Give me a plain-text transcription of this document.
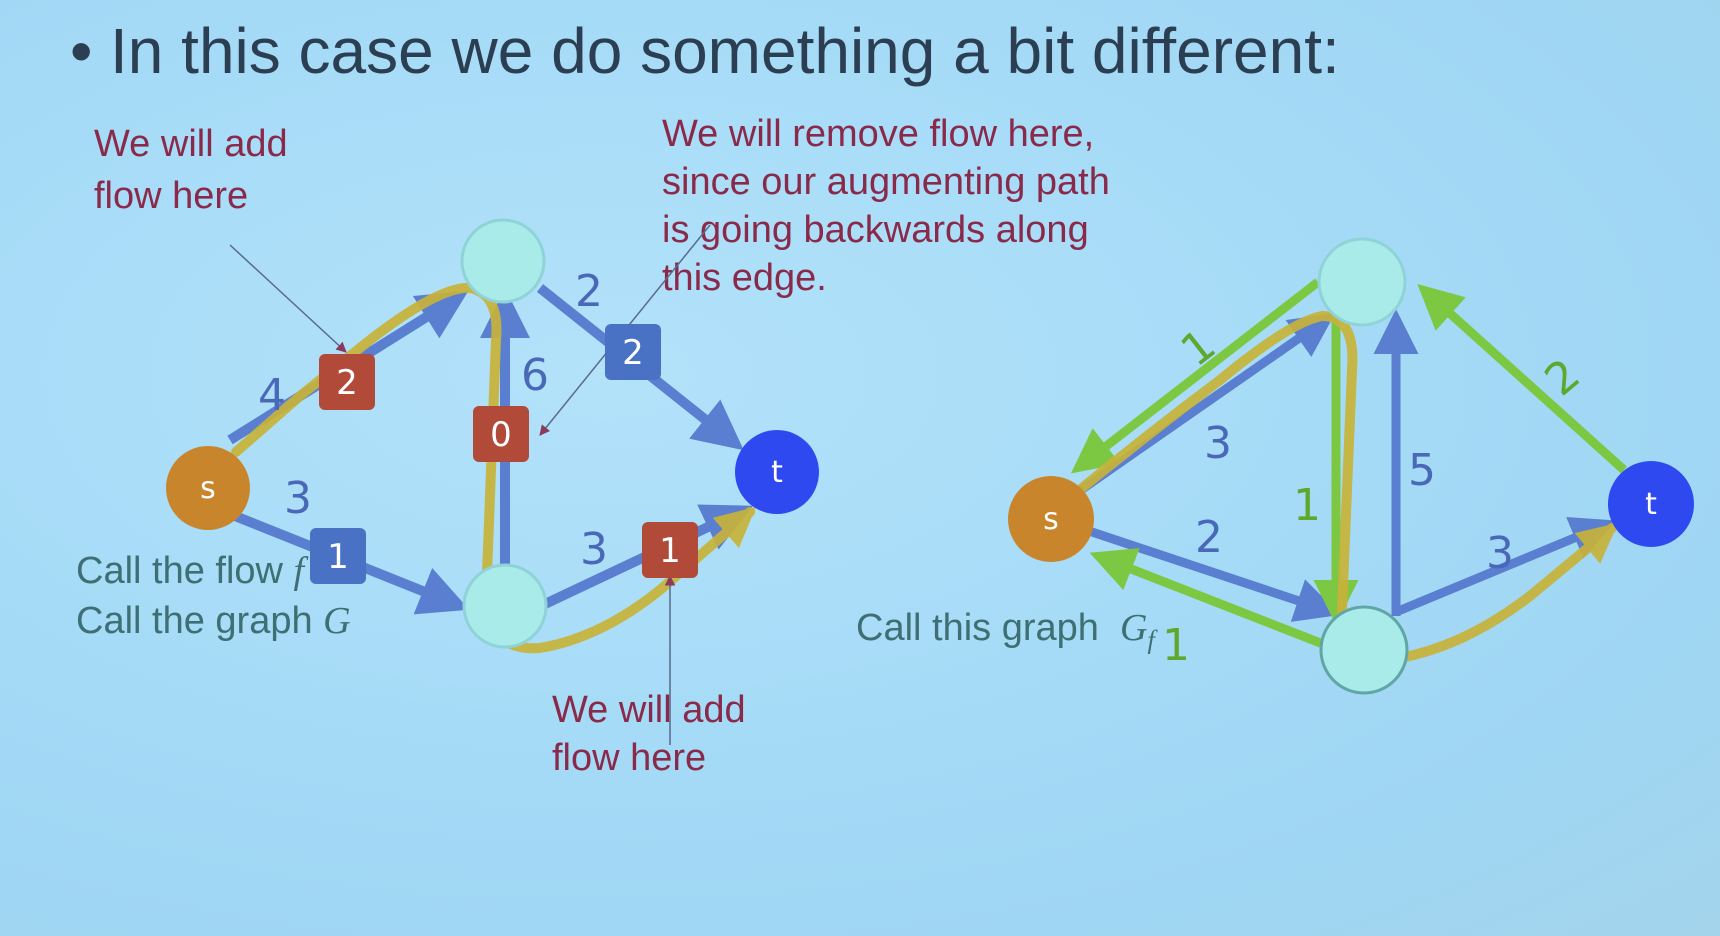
• In this case we do something a bit different:
We will add
flow here
We will remove flow here,
since our augmenting path
is going backwards along
this edge.
We will add
flow here
Call the flow f
Call the graph G	Call this graph  $G_f$
s	t
4
3
6
2
3
2
1
0
2
1
s	t
1
3
2
1
1
5
2
3
